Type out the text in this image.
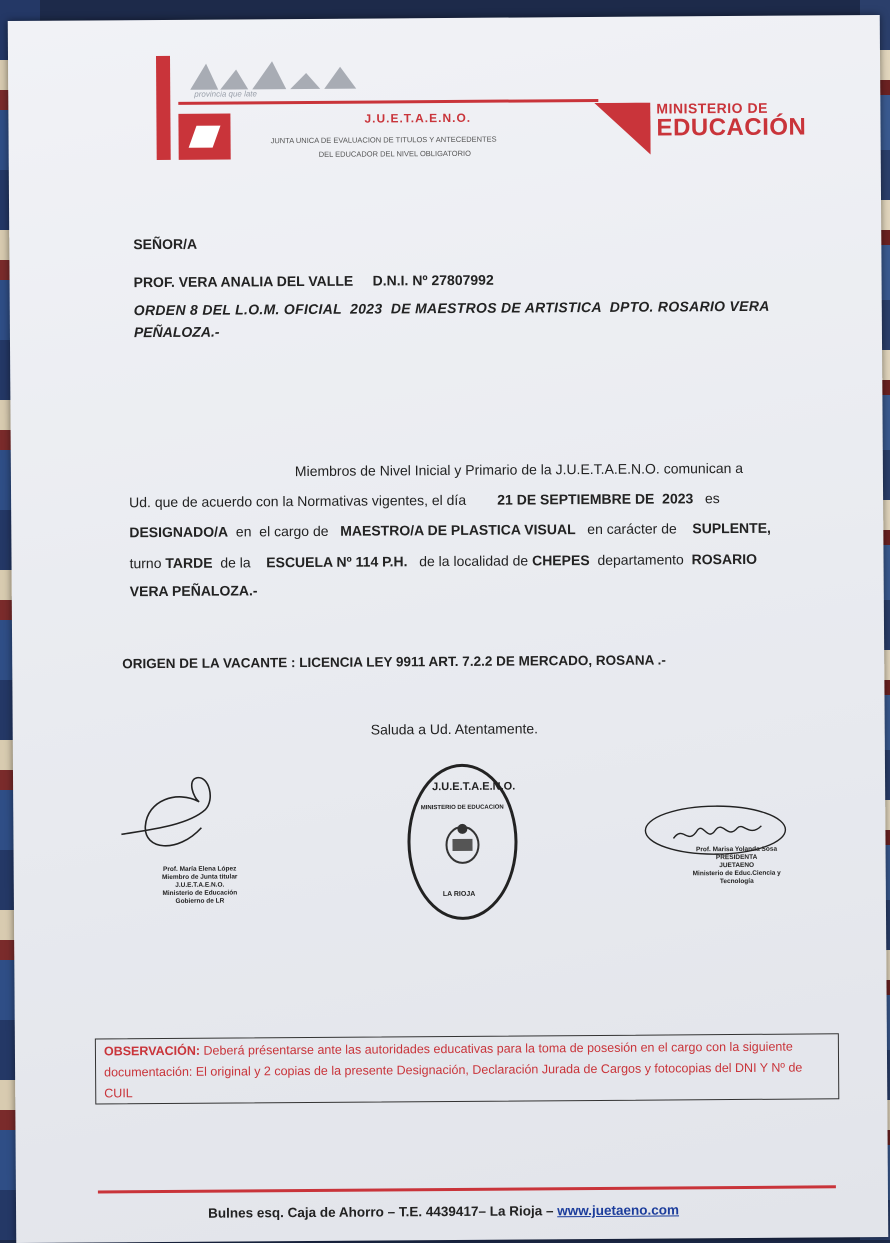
provincia que late
J.U.E.T.A.E.N.O.
JUNTA UNICA DE EVALUACION DE TITULOS Y ANTECEDENTES
DEL EDUCADOR DEL NIVEL OBLIGATORIO
MINISTERIO DE
EDUCACIÓN
SEÑOR/A
PROF. VERA ANALIA DEL VALLE D.N.I. Nº 27807992
ORDEN 8 DEL L.O.M. OFICIAL  2023  DE MAESTROS DE ARTISTICA  DPTO. ROSARIO VERA
PEÑALOZA.-
Miembros de Nivel Inicial y Primario de la J.U.E.T.A.E.N.O. comunican a
Ud. que de acuerdo con la Normativas vigentes, el día 21 DE SEPTIEMBRE DE  2023 es
DESIGNADO/A en  el cargo de MAESTRO/A DE PLASTICA VISUAL en carácter de SUPLENTE,
turno TARDE de la ESCUELA Nº 114 P.H. de la localidad de CHEPES departamento ROSARIO
VERA PEÑALOZA.-
ORIGEN DE LA VACANTE : LICENCIA LEY 9911 ART. 7.2.2 DE MERCADO, ROSANA .-
Saluda a Ud. Atentamente.
Prof. María Elena López
Miembro de Junta titular
J.U.E.T.A.E.N.O.
Ministerio de Educación
Gobierno de LR
J.U.E.T.A.E.N.O.
MINISTERIO DE EDUCACION
LA RIOJA
Prof. Marisa Yolanda Sosa
PRESIDENTA
JUETAENO
Ministerio de Educ.Ciencia y Tecnología
OBSERVACIÓN: Deberá présentarse ante las autoridades educativas para la toma de posesión en el cargo con la siguiente documentación: El original y 2 copias de la presente Designación, Declaración Jurada de Cargos y fotocopias del DNI Y Nº de CUIL
Bulnes esq. Caja de Ahorro – T.E. 4439417– La Rioja – www.juetaeno.com
